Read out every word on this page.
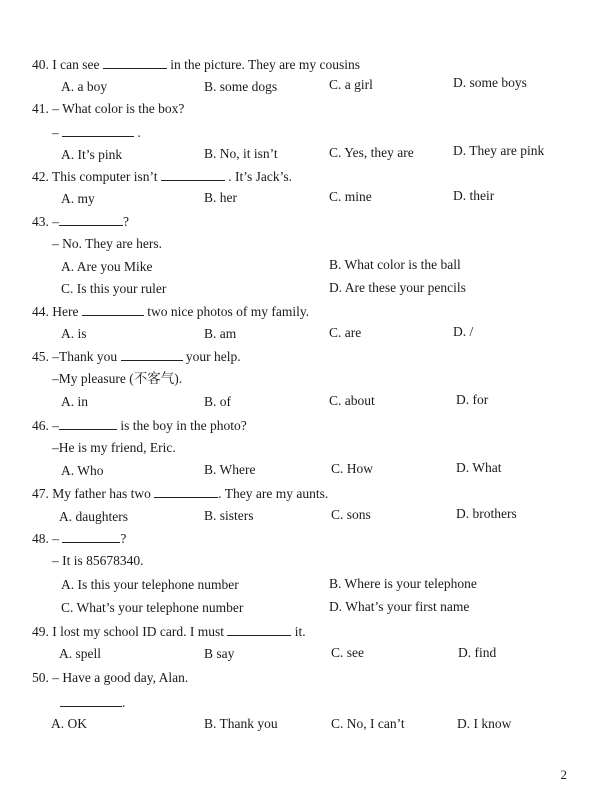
40. I can see	in the picture. They are my cousins
A. a boy	B. some dogs	C. a girl	D. some boys
41. – What color is the box?
–	.
A. It’s pink	B. No, it isn’t	C. Yes, they are	D. They are pink
42. This computer isn’t	. It’s Jack’s.
A. my	B. her	C. mine	D. their
43. –	?
– No. They are hers.
A. Are you Mike	B. What color is the ball
C. Is this your ruler	D. Are these your pencils
44. Here	two nice photos of my family.
A. is	B. am	C. are	D. /
45. –Thank you	your help.
–My pleasure (不客气).
A. in	B. of	C. about	D. for
46. –	is the boy in the photo?
–He is my friend, Eric.
A. Who	B. Where	C. How	D. What
47. My father has two	. They are my aunts.
A. daughters	B. sisters	C. sons	D. brothers
48. –	?
– It is 85678340.
A. Is this your telephone number	B. Where is your telephone
C. What’s your telephone number	D. What’s your first name
49. I lost my school ID card. I must	it.
A. spell	B say	C. see	D. find
50. – Have a good day, Alan.
.
A. OK	B. Thank you	C. No, I can’t	D. I know
2
